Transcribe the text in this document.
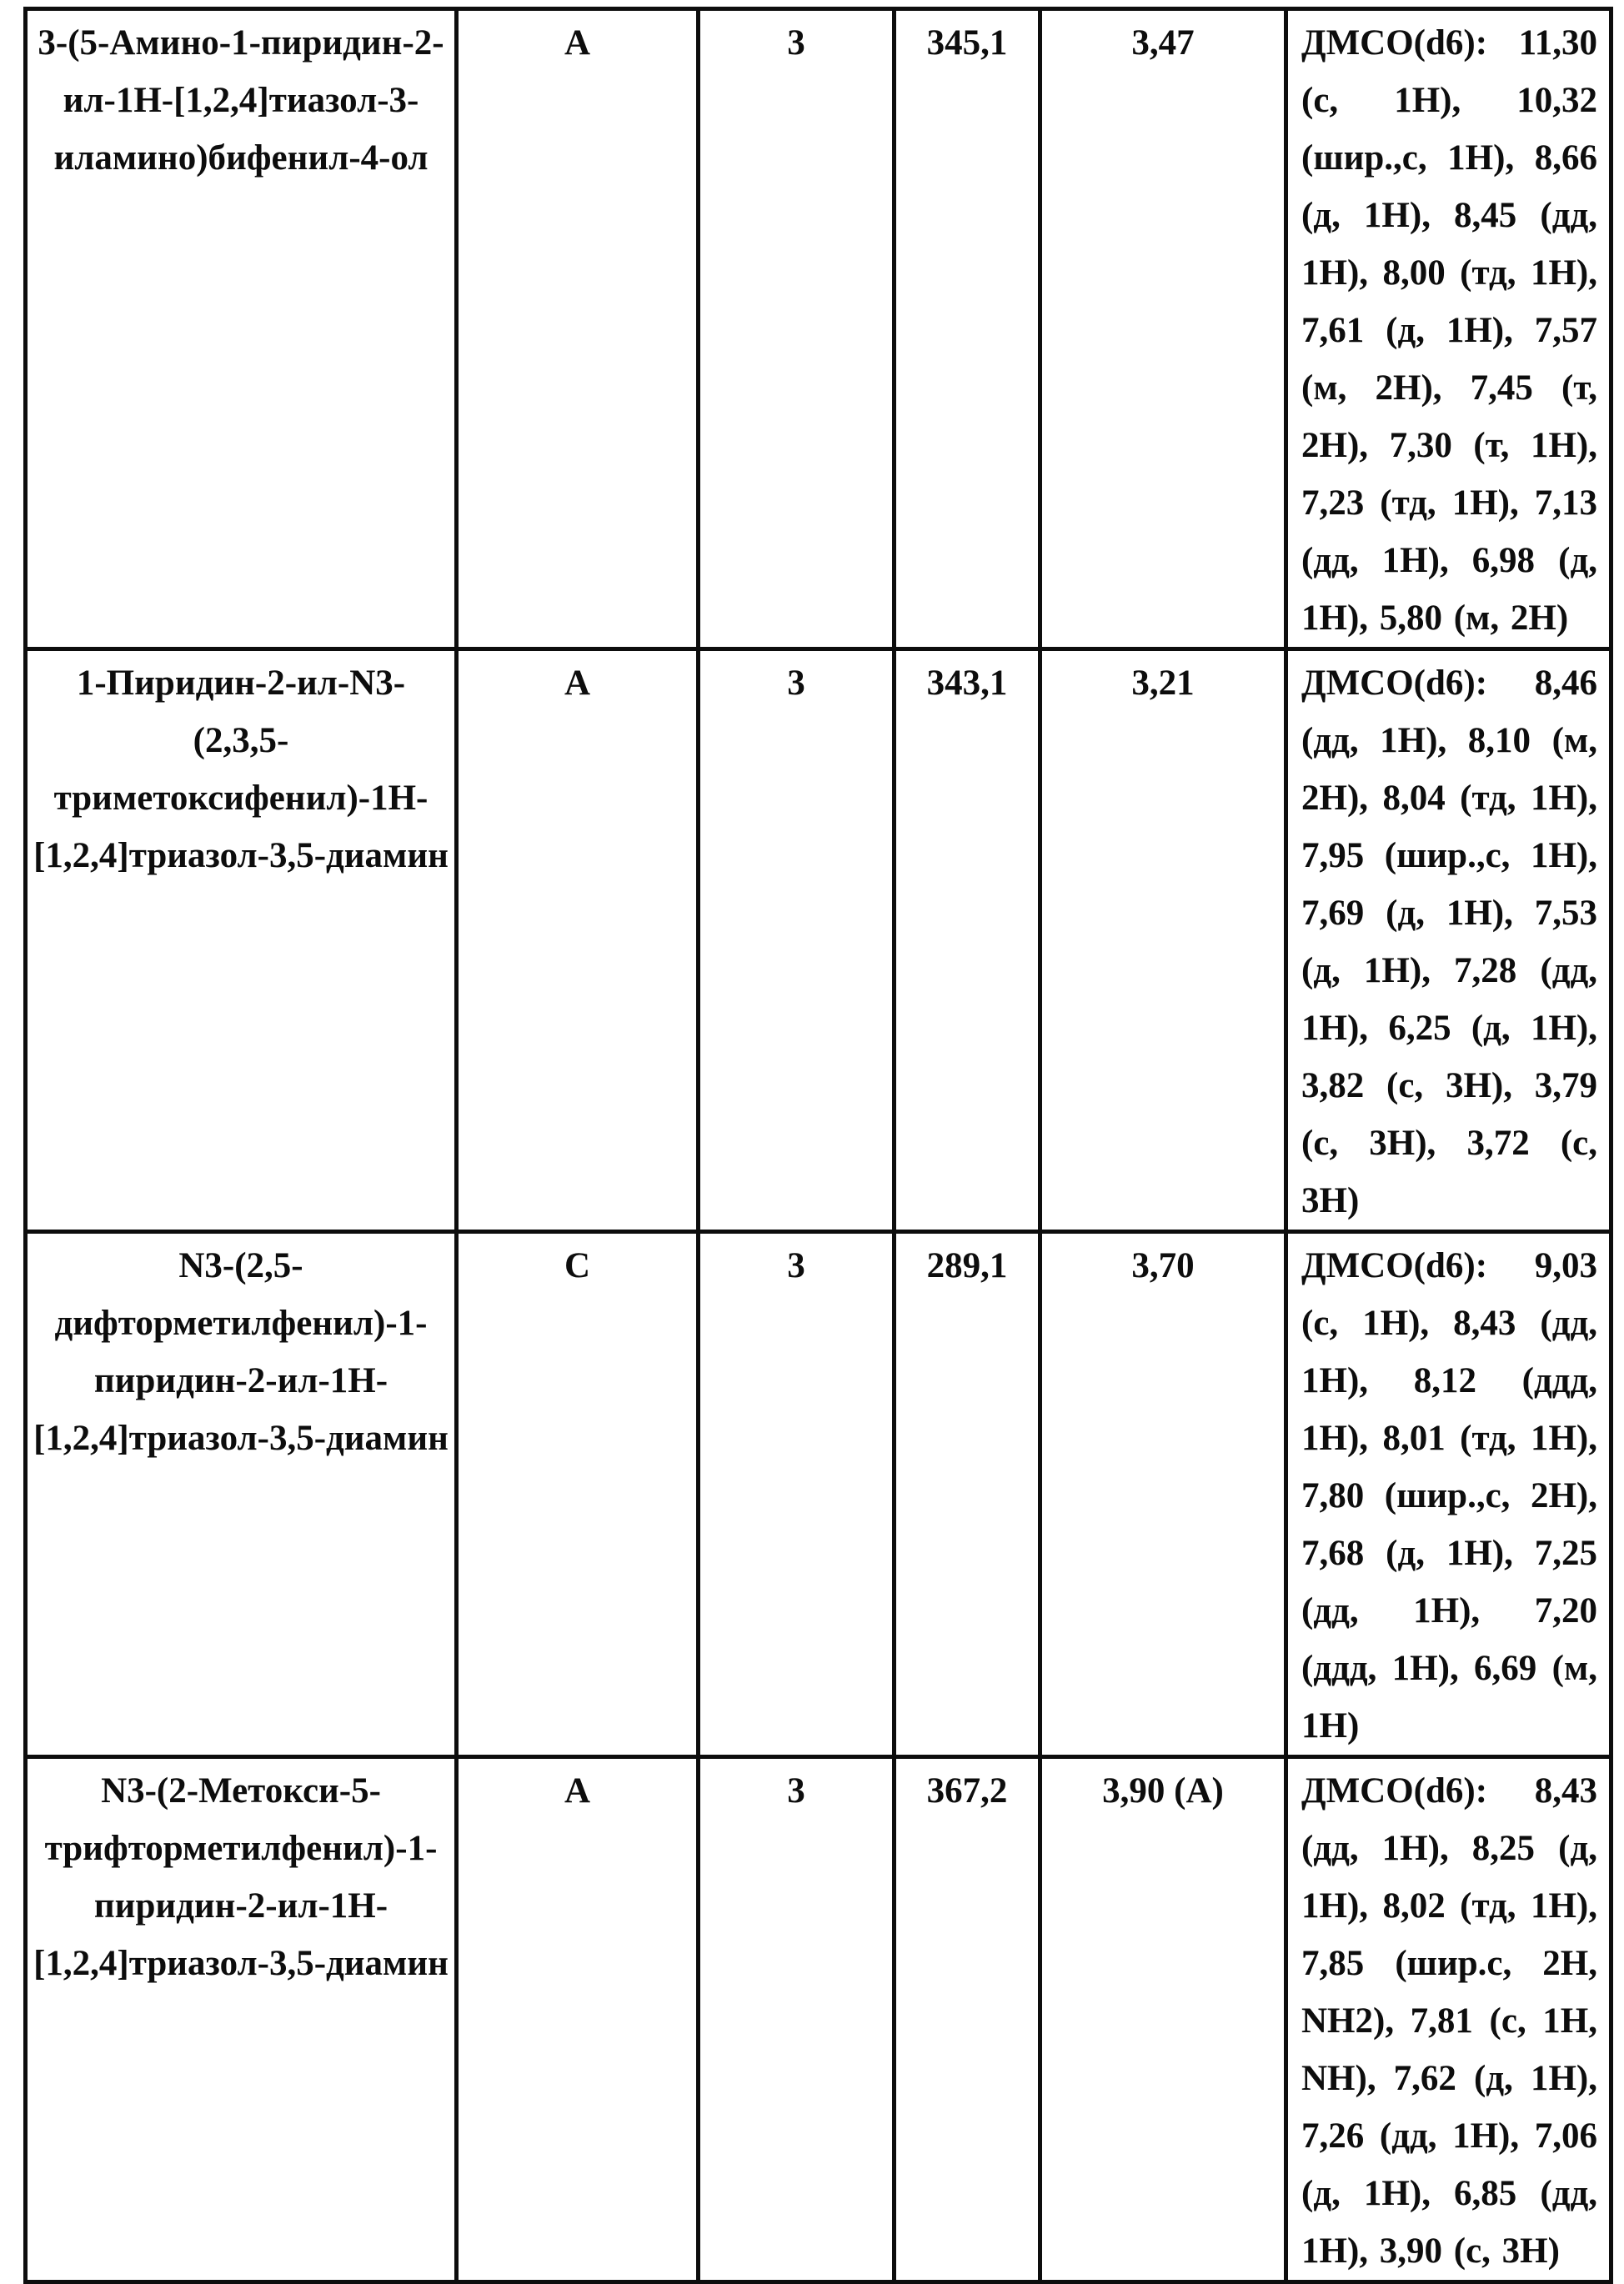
3-(5-Амино-1-пиридин-2-
ил-1Н-[1,2,4]тиазол-3-
иламино)бифенил-4-ол	A	3	345,1	3,47	ДМСО(d6): 11,30 (с, 1Н), 10,32 (шир.,с, 1Н), 8,66 (д, 1Н), 8,45 (дд, 1Н), 8,00 (тд, 1Н), 7,61 (д, 1Н), 7,57 (м, 2Н), 7,45 (т, 2Н), 7,30 (т, 1Н), 7,23 (тд, 1Н), 7,13 (дд, 1Н), 6,98 (д, 1Н), 5,80 (м, 2Н)
1-Пиридин-2-ил-N3-(2,3,5-
триметоксифенил)-1Н-
[1,2,4]триазол-3,5-диамин	A	3	343,1	3,21	ДМСО(d6): 8,46 (дд, 1Н), 8,10 (м, 2Н), 8,04 (тд, 1Н), 7,95 (шир.,с, 1Н), 7,69 (д, 1Н), 7,53 (д, 1Н), 7,28 (дд, 1Н), 6,25 (д, 1Н), 3,82 (с, 3Н), 3,79 (с, 3Н), 3,72 (с, 3Н)
N3-(2,5-
дифторметилфенил)-1-
пиридин-2-ил-1Н-
[1,2,4]триазол-3,5-диамин	C	3	289,1	3,70	ДМСО(d6): 9,03 (с, 1Н), 8,43 (дд, 1Н), 8,12 (ддд, 1Н), 8,01 (тд, 1Н), 7,80 (шир.,с, 2Н), 7,68 (д, 1Н), 7,25 (дд, 1Н), 7,20 (ддд, 1Н), 6,69 (м, 1Н)
N3-(2-Метокси-5-
трифторметилфенил)-1-
пиридин-2-ил-1Н-
[1,2,4]триазол-3,5-диамин	A	3	367,2	3,90 (A)	ДМСО(d6): 8,43 (дд, 1Н), 8,25 (д, 1Н), 8,02 (тд, 1Н), 7,85 (шир.с, 2Н, NH2), 7,81 (с, 1Н, NH), 7,62 (д, 1Н), 7,26 (дд, 1Н), 7,06 (д, 1Н), 6,85 (дд, 1Н), 3,90 (с, 3Н)
